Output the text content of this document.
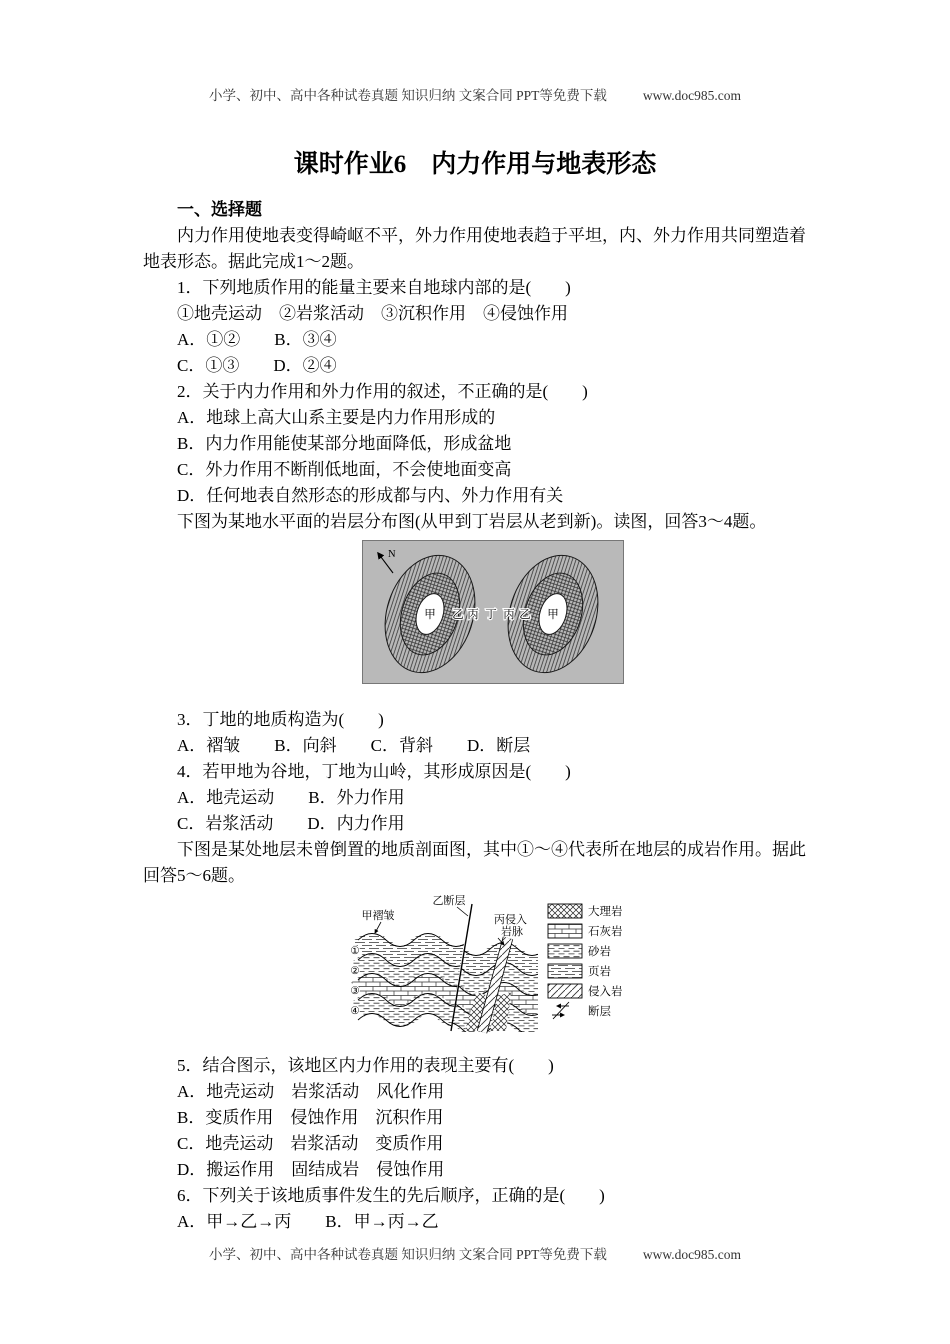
小学、初中、高中各种试卷真题 知识归纳 文案合同 PPT等免费下载	www.doc985.com
课时作业6　内力作用与地表形态
一、选择题
内力作用使地表变得崎岖不平，外力作用使地表趋于平坦，内、外力作用共同塑造着
地表形态。据此完成1～2题。
1．下列地质作用的能量主要来自地球内部的是(　　)
①地壳运动　②岩浆活动　③沉积作用　④侵蚀作用
A．①②　　B．③④
C．①③　　D．②④
2．关于内力作用和外力作用的叙述，不正确的是(　　)
A．地球上高大山系主要是内力作用形成的
B．内力作用能使某部分地面降低，形成盆地
C．外力作用不断削低地面，不会使地面变高
D．任何地表自然形态的形成都与内、外力作用有关
下图为某地水平面的岩层分布图(从甲到丁岩层从老到新)。读图，回答3～4题。
N
甲 乙 丙 丁 丙 乙 甲
3．丁地的地质构造为(　　)
A．褶皱　　B．向斜　　C．背斜　　D．断层
4．若甲地为谷地，丁地为山岭，其形成原因是(　　)
A．地壳运动　　B．外力作用
C．岩浆活动　　D．内力作用
下图是某处地层未曾倒置的地质剖面图，其中①～④代表所在地层的成岩作用。据此
回答5～6题。
甲褶皱
乙断层
丙侵入
岩脉
①
②
③
④
大理岩
石灰岩
砂岩
页岩
侵入岩
断层
5．结合图示，该地区内力作用的表现主要有(　　)
A．地壳运动　岩浆活动　风化作用
B．变质作用　侵蚀作用　沉积作用
C．地壳运动　岩浆活动　变质作用
D．搬运作用　固结成岩　侵蚀作用
6．下列关于该地质事件发生的先后顺序，正确的是(　　)
A．甲→乙→丙　　B．甲→丙→乙
小学、初中、高中各种试卷真题 知识归纳 文案合同 PPT等免费下载	www.doc985.com
